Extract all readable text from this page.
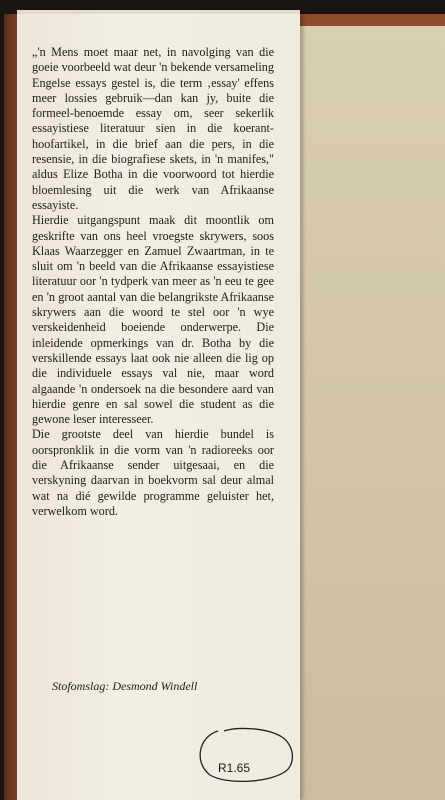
„'n Mens moet maar net, in navolging van die goeie voorbeeld wat deur 'n bekende versameling Engelse essays gestel is, die term ‚essay' effens meer lossies gebruik—dan kan jy, buite die formeel-benoemde essay om, seer sekerlik essayistiese literatuur sien in die koerant-hoofartikel, in die brief aan die pers, in die resensie, in die biografiese skets, in 'n manifes," aldus Elize Botha in die voorwoord tot hierdie bloemlesing uit die werk van Afrikaanse essayiste.

Hierdie uitgangspunt maak dit moontlik om geskrifte van ons heel vroegste skrywers, soos Klaas Waarzegger en Zamuel Zwaartman, in te sluit om 'n beeld van die Afrikaanse essayistiese literatuur oor 'n tydperk van meer as 'n eeu te gee en 'n groot aantal van die belangrikste Afrikaanse skrywers aan die woord te stel oor 'n wye verskeidenheid boeiende onderwerpe. Die inleidende opmerkings van dr. Botha by die verskillende essays laat ook nie alleen die lig op die individuele essays val nie, maar word algaande 'n ondersoek na die besondere aard van hierdie genre en sal sowel die student as die gewone leser interesseer.

Die grootste deel van hierdie bundel is oorspronklik in die vorm van 'n radioreeks oor die Afrikaanse sender uitgesaai, en die verskyning daarvan in boekvorm sal deur almal wat na dié gewilde programme geluister het, verwelkom word.

Stofomslag: Desmond Windell
R1.65
